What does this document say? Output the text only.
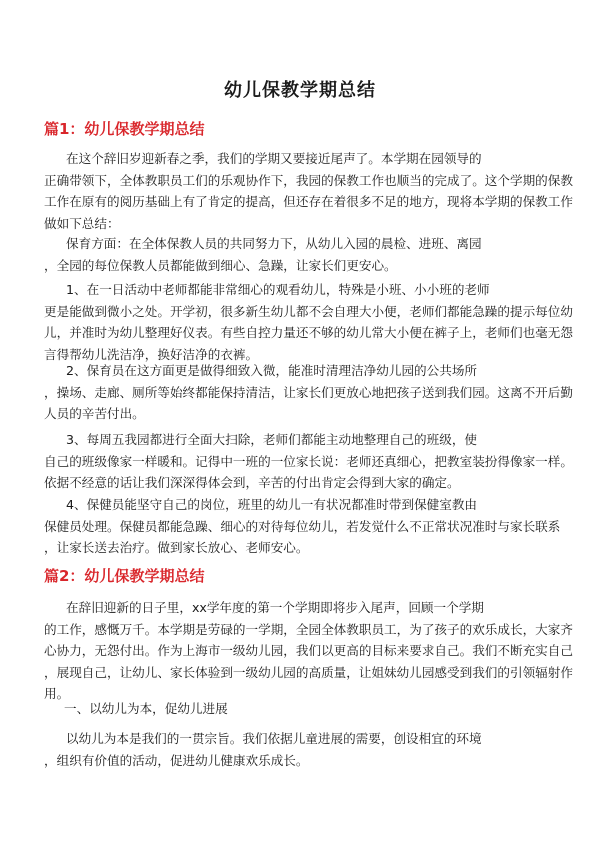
幼儿保教学期总结
篇1：幼儿保教学期总结
在这个辞旧岁迎新春之季，我们的学期又要接近尾声了。本学期在园领导的
正确带领下，全体教职员工们的乐观协作下，我园的保教工作也顺当的完成了。这个学期的保教
工作在原有的阅历基础上有了肯定的提高，但还存在着很多不足的地方，现将本学期的保教工作
做如下总结：
保育方面：在全体保教人员的共同努力下，从幼儿入园的晨检、进班、离园
，全园的每位保教人员都能做到细心、急躁，让家长们更安心。
1、在一日活动中老师都能非常细心的观看幼儿，特殊是小班、小小班的老师
更是能做到微小之处。开学初，很多新生幼儿都不会自理大小便，老师们都能急躁的提示每位幼
儿，并准时为幼儿整理好仪表。有些自控力量还不够的幼儿常大小便在裤子上，老师们也毫无怨
言得帮幼儿洗洁净，换好洁净的衣裤。
2、保育员在这方面更是做得细致入微，能准时清理洁净幼儿园的公共场所
，操场、走廊、厕所等始终都能保持清洁，让家长们更放心地把孩子送到我们园。这离不开后勤
人员的辛苦付出。
3、每周五我园都进行全面大扫除，老师们都能主动地整理自己的班级，使
自己的班级像家一样暖和。记得中一班的一位家长说：老师还真细心，把教室装扮得像家一样。
依据不经意的话让我们深深得体会到，辛苦的付出肯定会得到大家的确定。
4、保健员能坚守自己的岗位，班里的幼儿一有状况都准时带到保健室教由
保健员处理。保健员都能急躁、细心的对待每位幼儿，若发觉什么不正常状况准时与家长联系
，让家长送去治疗。做到家长放心、老师安心。
篇2：幼儿保教学期总结
在辞旧迎新的日子里，xx学年度的第一个学期即将步入尾声，回顾一个学期
的工作，感慨万千。本学期是劳碌的一学期，全园全体教职员工，为了孩子的欢乐成长，大家齐
心协力，无怨付出。作为上海市一级幼儿园，我们以更高的目标来要求自己。我们不断充实自己
，展现自己，让幼儿、家长体验到一级幼儿园的高质量，让姐妹幼儿园感受到我们的引领辐射作
用。
一、以幼儿为本，促幼儿进展
以幼儿为本是我们的一贯宗旨。我们依据儿童进展的需要，创设相宜的环境
，组织有价值的活动，促进幼儿健康欢乐成长。
